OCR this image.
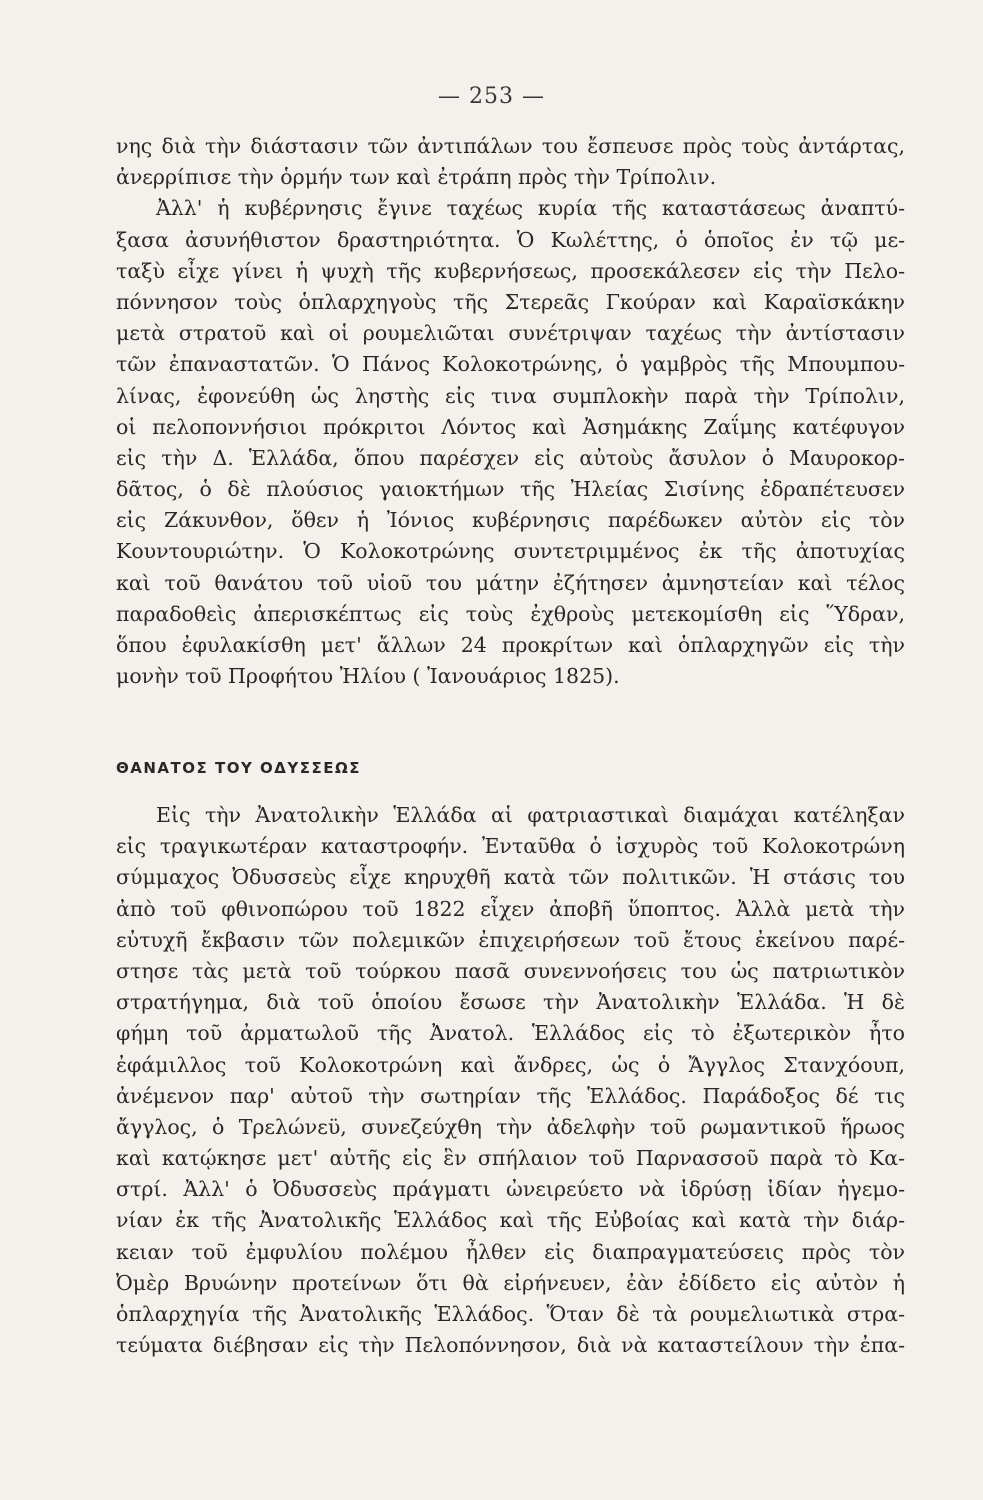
— 253 —
νης διὰ τὴν διάστασιν τῶν ἀντιπάλων του ἔσπευσε πρὸς τοὺς ἀντάρτας,
ἀνερρίπισε τὴν ὁρμήν των καὶ ἐτράπη πρὸς τὴν Τρίπολιν.
Ἀλλ' ἡ κυβέρνησις ἔγινε ταχέως κυρία τῆς καταστάσεως ἀναπτύ-
ξασα ἀσυνήθιστον δραστηριότητα. Ὁ Κωλέττης, ὁ ὁποῖος ἐν τῷ με-
ταξὺ εἶχε γίνει ἡ ψυχὴ τῆς κυβερνήσεως, προσεκάλεσεν εἰς τὴν Πελο-
πόννησον τοὺς ὁπλαρχηγοὺς τῆς Στερεᾶς Γκούραν καὶ Καραϊσκάκην
μετὰ στρατοῦ καὶ οἱ ρουμελιῶται συνέτριψαν ταχέως τὴν ἀντίστασιν
τῶν ἐπαναστατῶν. Ὁ Πάνος Κολοκοτρώνης, ὁ γαμβρὸς τῆς Μπουμπου-
λίνας, ἐφονεύθη ὡς ληστὴς εἰς τινα συμπλοκὴν παρὰ τὴν Τρίπολιν,
οἱ πελοποννήσιοι πρόκριτοι Λόντος καὶ Ἀσημάκης Ζαΐμης κατέφυγον
εἰς τὴν Δ. Ἑλλάδα, ὅπου παρέσχεν εἰς αὐτοὺς ἄσυλον ὁ Μαυροκορ-
δᾶτος, ὁ δὲ πλούσιος γαιοκτήμων τῆς Ἠλείας Σισίνης ἐδραπέτευσεν
εἰς Ζάκυνθον, ὅθεν ἡ Ἰόνιος κυβέρνησις παρέδωκεν αὐτὸν εἰς τὸν
Κουντουριώτην. Ὁ Κολοκοτρώνης συντετριμμένος ἐκ τῆς ἀποτυχίας
καὶ τοῦ θανάτου τοῦ υἱοῦ του μάτην ἐζήτησεν ἀμνηστείαν καὶ τέλος
παραδοθεὶς ἀπερισκέπτως εἰς τοὺς ἐχθροὺς μετεκομίσθη εἰς Ὕδραν,
ὅπου ἐφυλακίσθη μετ' ἄλλων 24 προκρίτων καὶ ὁπλαρχηγῶν εἰς τὴν
μονὴν τοῦ Προφήτου Ἠλίου ( Ἰανουάριος 1825).
ΘΑΝΑΤΟΣ ΤΟΥ ΟΔΥΣΣΕΩΣ
Εἰς τὴν Ἀνατολικὴν Ἑλλάδα αἱ φατριαστικαὶ διαμάχαι κατέληξαν
εἰς τραγικωτέραν καταστροφήν. Ἐνταῦθα ὁ ἰσχυρὸς τοῦ Κολοκοτρώνη
σύμμαχος Ὀδυσσεὺς εἶχε κηρυχθῆ κατὰ τῶν πολιτικῶν. Ἡ στάσις του
ἀπὸ τοῦ φθινοπώρου τοῦ 1822 εἶχεν ἀποβῆ ὕποπτος. Ἀλλὰ μετὰ τὴν
εὐτυχῆ ἔκβασιν τῶν πολεμικῶν ἐπιχειρήσεων τοῦ ἔτους ἐκείνου παρέ-
στησε τὰς μετὰ τοῦ τούρκου πασᾶ συνεννοήσεις του ὡς πατριωτικὸν
στρατήγημα, διὰ τοῦ ὁποίου ἔσωσε τὴν Ἀνατολικὴν Ἑλλάδα. Ἡ δὲ
φήμη τοῦ ἀρματωλοῦ τῆς Ἀνατολ. Ἑλλάδος εἰς τὸ ἐξωτερικὸν ἦτο
ἐφάμιλλος τοῦ Κολοκοτρώνη καὶ ἄνδρες, ὡς ὁ Ἄγγλος Στανχόουπ,
ἀνέμενον παρ' αὐτοῦ τὴν σωτηρίαν τῆς Ἑλλάδος. Παράδοξος δέ τις
ἄγγλος, ὁ Τρελώνεϋ, συνεζεύχθη τὴν ἀδελφὴν τοῦ ρωμαντικοῦ ἥρωος
καὶ κατῴκησε μετ' αὐτῆς εἰς ἓν σπήλαιον τοῦ Παρνασσοῦ παρὰ τὸ Κα-
στρί. Ἀλλ' ὁ Ὀδυσσεὺς πράγματι ὠνειρεύετο νὰ ἱδρύσῃ ἰδίαν ἡγεμο-
νίαν ἐκ τῆς Ἀνατολικῆς Ἑλλάδος καὶ τῆς Εὐβοίας καὶ κατὰ τὴν διάρ-
κειαν τοῦ ἐμφυλίου πολέμου ἦλθεν εἰς διαπραγματεύσεις πρὸς τὸν
Ὀμὲρ Βρυώνην προτείνων ὅτι θὰ εἰρήνευεν, ἐὰν ἐδίδετο εἰς αὐτὸν ἡ
ὁπλαρχηγία τῆς Ἀνατολικῆς Ἑλλάδος. Ὅταν δὲ τὰ ρουμελιωτικὰ στρα-
τεύματα διέβησαν εἰς τὴν Πελοπόννησον, διὰ νὰ καταστείλουν τὴν ἐπα-
